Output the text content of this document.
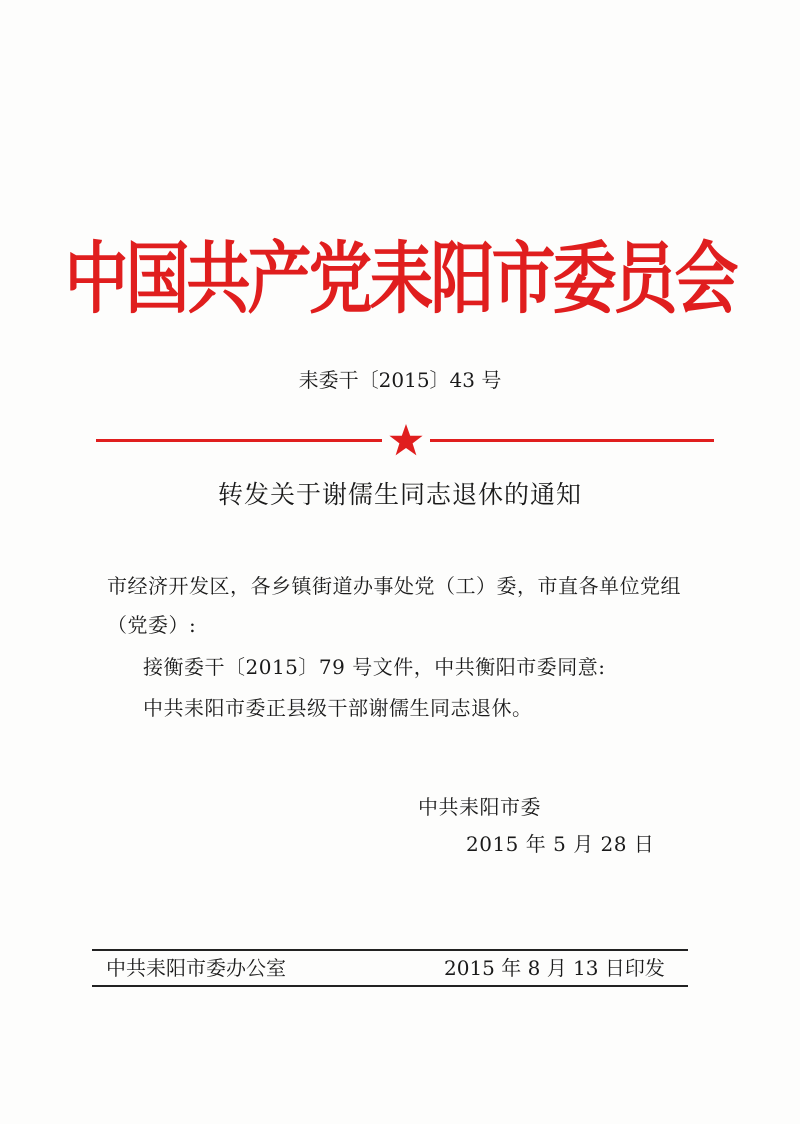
中国共产党耒阳市委员会
耒委干〔2015〕43 号
转发关于谢儒生同志退休的通知
市经济开发区，各乡镇街道办事处党（工）委，市直各单位党组
（党委）:
接衡委干〔2015〕79 号文件，中共衡阳市委同意:
中共耒阳市委正县级干部谢儒生同志退休。
中共耒阳市委
2015 年 5 月 28 日
中共耒阳市委办公室	2015 年 8 月 13 日印发
